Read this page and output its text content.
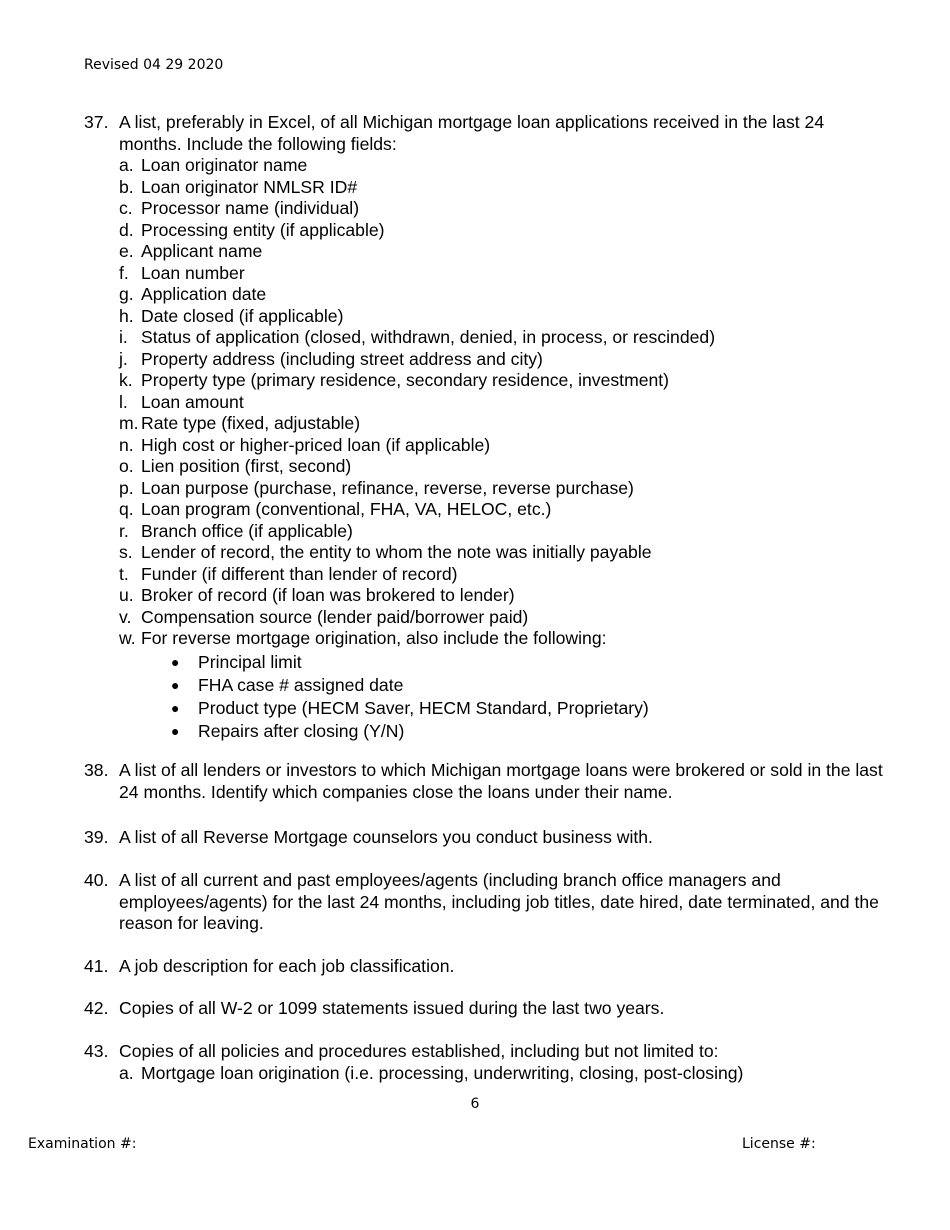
Revised 04 29 2020
37. A list, preferably in Excel, of all Michigan mortgage loan applications received in the last 24 months. Include the following fields:
a. Loan originator name
b. Loan originator NMLSR ID#
c. Processor name (individual)
d. Processing entity (if applicable)
e. Applicant name
f. Loan number
g. Application date
h. Date closed (if applicable)
i. Status of application (closed, withdrawn, denied, in process, or rescinded)
j. Property address (including street address and city)
k. Property type (primary residence, secondary residence, investment)
l. Loan amount
m. Rate type (fixed, adjustable)
n. High cost or higher-priced loan (if applicable)
o. Lien position (first, second)
p. Loan purpose (purchase, refinance, reverse, reverse purchase)
q. Loan program (conventional, FHA, VA, HELOC, etc.)
r. Branch office (if applicable)
s. Lender of record, the entity to whom the note was initially payable
t. Funder (if different than lender of record)
u. Broker of record (if loan was brokered to lender)
v. Compensation source (lender paid/borrower paid)
w. For reverse mortgage origination, also include the following:
●	Principal limit
●	FHA case # assigned date
●	Product type (HECM Saver, HECM Standard, Proprietary)
●	Repairs after closing (Y/N)
38. A list of all lenders or investors to which Michigan mortgage loans were brokered or sold in the last 24 months. Identify which companies close the loans under their name.
39. A list of all Reverse Mortgage counselors you conduct business with.
40. A list of all current and past employees/agents (including branch office managers and employees/agents) for the last 24 months, including job titles, date hired, date terminated, and the reason for leaving.
41. A job description for each job classification.
42. Copies of all W-2 or 1099 statements issued during the last two years.
43. Copies of all policies and procedures established, including but not limited to:
a. Mortgage loan origination (i.e. processing, underwriting, closing, post-closing)
6
Examination #:	License #:
